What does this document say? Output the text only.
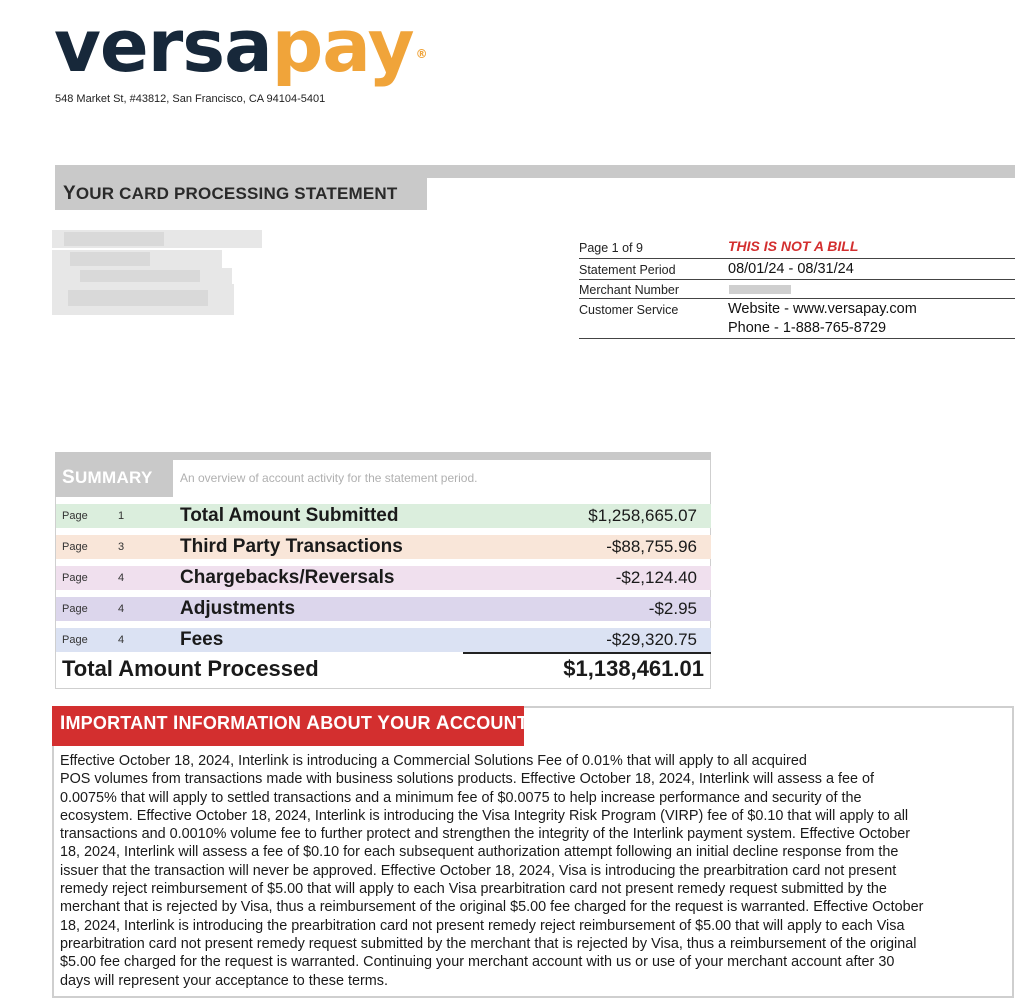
versapay ®
548 Market St, #43812, San Francisco, CA 94104-5401
YOUR CARD PROCESSING STATEMENT
Page 1 of 9	THIS IS NOT A BILL
Statement Period	08/01/24 - 08/31/24
Merchant Number
Customer Service	Website - www.versapay.com
Phone - 1-888-765-8729
SUMMARY An overview of account activity for the statement period.
Page	1	Total Amount Submitted	$1,258,665.07
Page	3	Third Party Transactions	-$88,755.96
Page	4	Chargebacks/Reversals	-$2,124.40
Page	4	Adjustments	-$2.95
Page	4	Fees	-$29,320.75
Total Amount Processed	$1,138,461.01
IMPORTANT INFORMATION ABOUT YOUR ACCOUNT
Effective October 18, 2024, Interlink is introducing a Commercial Solutions Fee of 0.01% that will apply to all acquired
POS volumes from transactions made with business solutions products. Effective October 18, 2024, Interlink will assess a fee of
0.0075% that will apply to settled transactions and a minimum fee of $0.0075 to help increase performance and security of the
ecosystem. Effective October 18, 2024, Interlink is introducing the Visa Integrity Risk Program (VIRP) fee of $0.10 that will apply to all
transactions and 0.0010% volume fee to further protect and strengthen the integrity of the Interlink payment system. Effective October
18, 2024, Interlink will assess a fee of $0.10 for each subsequent authorization attempt following an initial decline response from the
issuer that the transaction will never be approved. Effective October 18, 2024, Visa is introducing the prearbitration card not present
remedy reject reimbursement of $5.00 that will apply to each Visa prearbitration card not present remedy request submitted by the
merchant that is rejected by Visa, thus a reimbursement of the original $5.00 fee charged for the request is warranted. Effective October
18, 2024, Interlink is introducing the prearbitration card not present remedy reject reimbursement of $5.00 that will apply to each Visa
prearbitration card not present remedy request submitted by the merchant that is rejected by Visa, thus a reimbursement of the original
$5.00 fee charged for the request is warranted. Continuing your merchant account with us or use of your merchant account after 30
days will represent your acceptance to these terms.
